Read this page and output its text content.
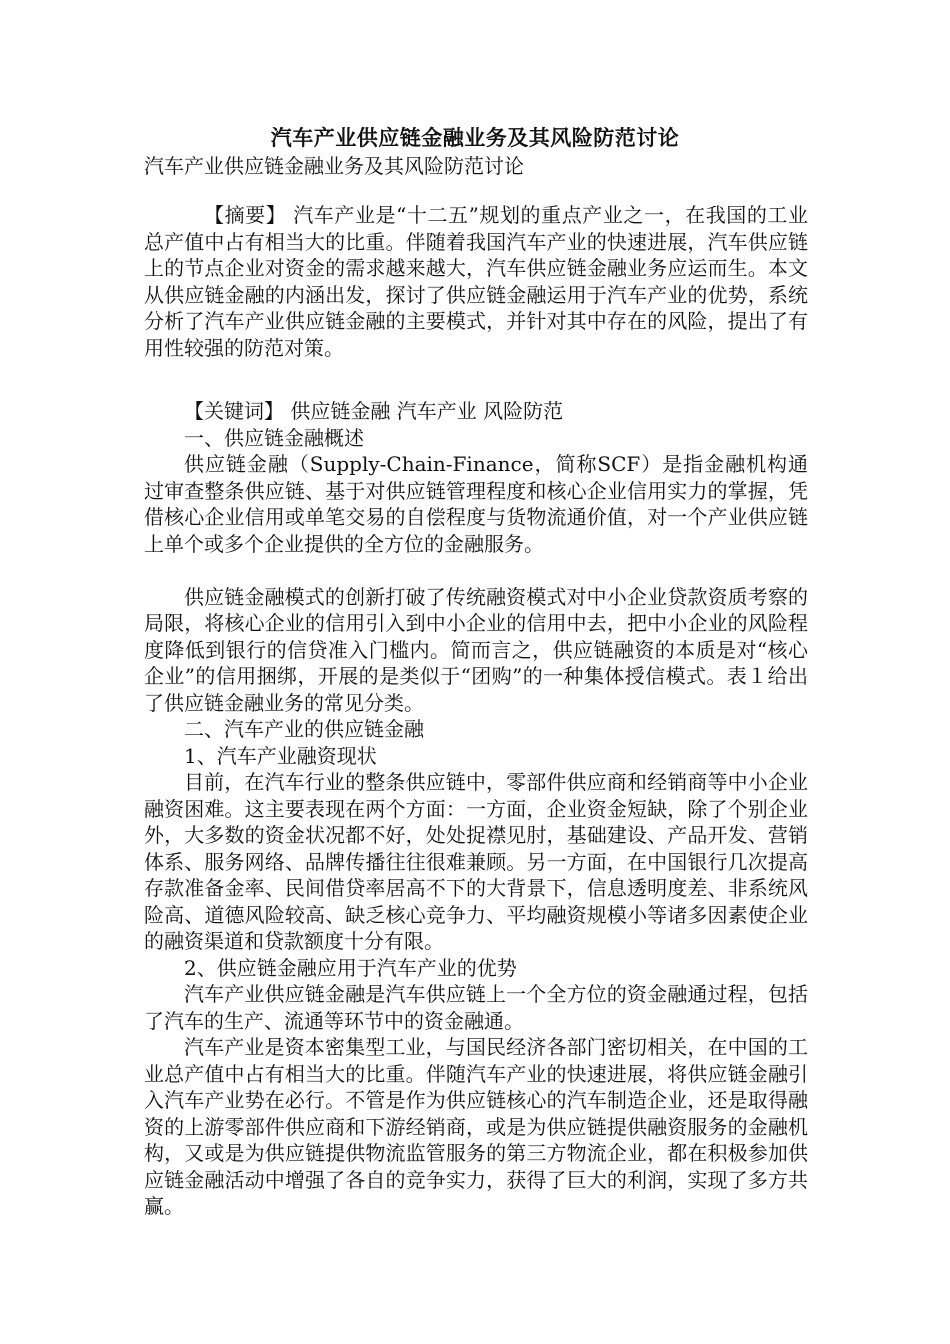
汽车产业供应链金融业务及其风险防范讨论
汽车产业供应链金融业务及其风险防范讨论

【摘要】 汽车产业是“十二五”规划的重点产业之一，在我国的工业总产值中占有相当大的比重。伴随着我国汽车产业的快速进展，汽车供应链上的节点企业对资金的需求越来越大，汽车供应链金融业务应运而生。本文从供应链金融的内涵出发，探讨了供应链金融运用于汽车产业的优势，系统分析了汽车产业供应链金融的主要模式，并针对其中存在的风险，提出了有用性较强的防范对策。

【关键词】 供应链金融 汽车产业 风险防范

一、供应链金融概述

供应链金融（Supply-Chain-Finance，简称SCF）是指金融机构通过审查整条供应链、基于对供应链管理程度和核心企业信用实力的掌握，凭借核心企业信用或单笔交易的自偿程度与货物流通价值，对一个产业供应链上单个或多个企业提供的全方位的金融服务。

供应链金融模式的创新打破了传统融资模式对中小企业贷款资质考察的局限，将核心企业的信用引入到中小企业的信用中去，把中小企业的风险程度降低到银行的信贷准入门槛内。简而言之，供应链融资的本质是对“核心企业”的信用捆绑，开展的是类似于“团购”的一种集体授信模式。表１给出了供应链金融业务的常见分类。

二、汽车产业的供应链金融

1、汽车产业融资现状

目前，在汽车行业的整条供应链中，零部件供应商和经销商等中小企业融资困难。这主要表现在两个方面：一方面，企业资金短缺，除了个别企业外，大多数的资金状况都不好，处处捉襟见肘，基础建设、产品开发、营销体系、服务网络、品牌传播往往很难兼顾。另一方面，在中国银行几次提高存款准备金率、民间借贷率居高不下的大背景下，信息透明度差、非系统风险高、道德风险较高、缺乏核心竞争力、平均融资规模小等诸多因素使企业的融资渠道和贷款额度十分有限。

2、供应链金融应用于汽车产业的优势

汽车产业供应链金融是汽车供应链上一个全方位的资金融通过程，包括了汽车的生产、流通等环节中的资金融通。

汽车产业是资本密集型工业，与国民经济各部门密切相关，在中国的工业总产值中占有相当大的比重。伴随汽车产业的快速进展，将供应链金融引入汽车产业势在必行。不管是作为供应链核心的汽车制造企业，还是取得融资的上游零部件供应商和下游经销商，或是为供应链提供融资服务的金融机构，又或是为供应链提供物流监管服务的第三方物流企业，都在积极参加供应链金融活动中增强了各自的竞争实力，获得了巨大的利润，实现了多方共赢。
